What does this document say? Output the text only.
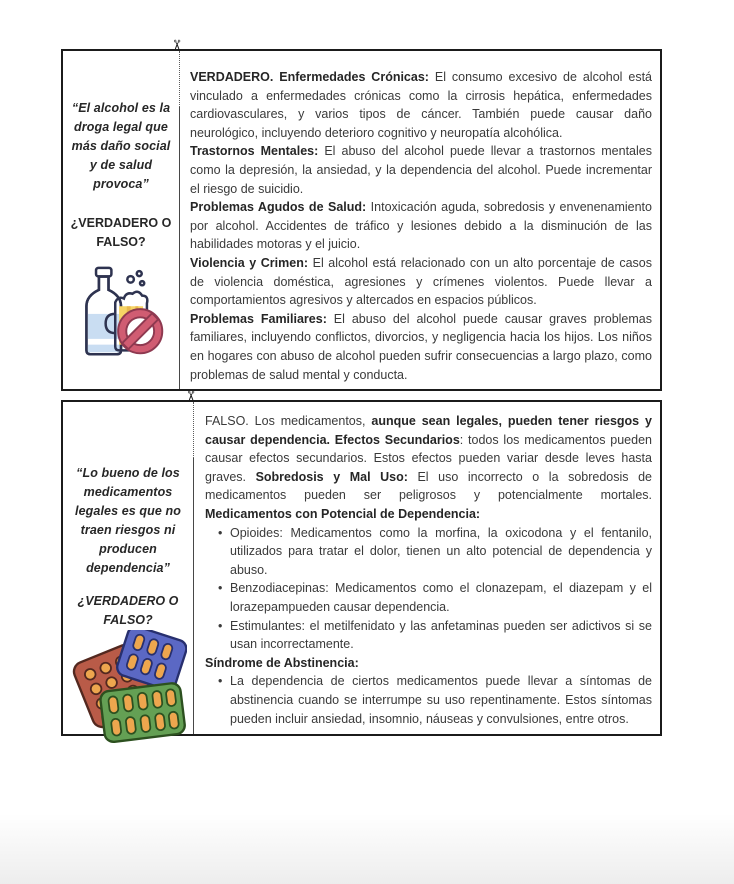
“El alcohol es la droga legal que más daño social y de salud provoca”
¿VERDADERO O FALSO?
✂

VERDADERO. Enfermedades Crónicas: El consumo excesivo de alcohol está vinculado a enfermedades crónicas como la cirrosis hepática, enfermedades cardiovasculares, y varios tipos de cáncer. También puede causar daño neurológico, incluyendo deterioro cognitivo y neuropatía alcohólica.

Trastornos Mentales: El abuso del alcohol puede llevar a trastornos mentales como la depresión, la ansiedad, y la dependencia del alcohol. Puede incrementar el riesgo de suicidio.

Problemas Agudos de Salud: Intoxicación aguda, sobredosis y envenenamiento por alcohol. Accidentes de tráfico y lesiones debido a la disminución de las habilidades motoras y el juicio.

Violencia y Crimen: El alcohol está relacionado con un alto porcentaje de casos de violencia doméstica, agresiones y crímenes violentos. Puede llevar a comportamientos agresivos y altercados en espacios públicos.

Problemas Familiares: El abuso del alcohol puede causar graves problemas familiares, incluyendo conflictos, divorcios, y negligencia hacia los hijos. Los niños en hogares con abuso de alcohol pueden sufrir consecuencias a largo plazo, como problemas de salud mental y conducta.

“Lo bueno de los medicamentos legales es que no traen riesgos ni producen dependencia”
¿VERDADERO O FALSO?
✂

FALSO. Los medicamentos, aunque sean legales, pueden tener riesgos y causar dependencia. Efectos Secundarios: todos los medicamentos pueden causar efectos secundarios. Estos efectos pueden variar desde leves hasta graves. Sobredosis y Mal Uso: El uso incorrecto o la sobredosis de medicamentos pueden ser peligrosos y potencialmente mortales. Medicamentos con Potencial de Dependencia:

• Opioides: Medicamentos como la morfina, la oxicodona y el fentanilo, utilizados para tratar el dolor, tienen un alto potencial de dependencia y abuso.
• Benzodiacepinas: Medicamentos como el clonazepam, el diazepam y el lorazepampueden causar dependencia.
• Estimulantes: el metilfenidato y las anfetaminas pueden ser adictivos si se usan incorrectamente.

Síndrome de Abstinencia:

• La dependencia de ciertos medicamentos puede llevar a síntomas de abstinencia cuando se interrumpe su uso repentinamente. Estos síntomas pueden incluir ansiedad, insomnio, náuseas y convulsiones, entre otros.
